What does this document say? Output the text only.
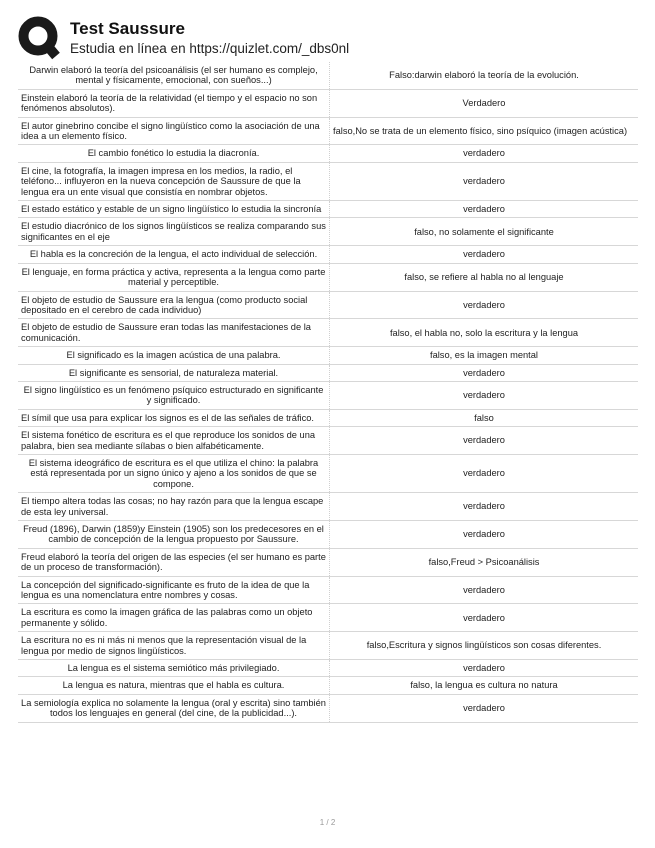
Test Saussure
Estudia en línea en https://quizlet.com/_dbs0nl
Darwin elaboró la teoría del psicoanálisis (el ser humano es complejo, mental y físicamente, emocional, con sueños...)	Falso:darwin elaboró la teoría de la evolución.
Einstein elaboró la teoría de la relatividad (el tiempo y el espacio no son fenómenos absolutos).	Verdadero
El autor ginebrino concibe el signo lingüístico como la asociación de una idea a un elemento físico.	falso,No se trata de un elemento físico, sino psíquico (imagen acústica)
El cambio fonético lo estudia la diacronía.	verdadero
El cine, la fotografía, la imagen impresa en los medios, la radio, el teléfono... influyeron en la nueva concepción de Saussure de que la lengua era un ente visual que consistía en nombrar objetos.	verdadero
El estado estático y estable de un signo lingüístico lo estudia la sincronía	verdadero
El estudio diacrónico de los signos lingüísticos se realiza comparando sus significantes en el eje	falso, no solamente el significante
El habla es la concreción de la lengua, el acto individual de selección.	verdadero
El lenguaje, en forma práctica y activa, representa a la lengua como parte material y perceptible.	falso, se refiere al habla no al lenguaje
El objeto de estudio de Saussure era la lengua (como producto social depositado en el cerebro de cada individuo)	verdadero
El objeto de estudio de Saussure eran todas las manifestaciones de la comunicación.	falso, el habla no, solo la escritura y la lengua
El significado es la imagen acústica de una palabra.	falso, es la imagen mental
El significante es sensorial, de naturaleza material.	verdadero
El signo lingüístico es un fenómeno psíquico estructurado en significante y significado.	verdadero
El símil que usa para explicar los signos es el de las señales de tráfico.	falso
El sistema fonético de escritura es el que reproduce los sonidos de una palabra, bien sea mediante sílabas o bien alfabéticamente.	verdadero
El sistema ideográfico de escritura es el que utiliza el chino: la palabra está representada por un signo único y ajeno a los sonidos de que se compone.	verdadero
El tiempo altera todas las cosas; no hay razón para que la lengua escape de esta ley universal.	verdadero
Freud (1896), Darwin (1859)y Einstein (1905) son los predecesores en el cambio de concepción de la lengua propuesto por Saussure.	verdadero
Freud elaboró la teoría del origen de las especies (el ser humano es parte de un proceso de transformación).	falso,Freud > Psicoanálisis
La concepción del significado-significante es fruto de la idea de que la lengua es una nomenclatura entre nombres y cosas.	verdadero
La escritura es como la imagen gráfica de las palabras como un objeto permanente y sólido.	verdadero
La escritura no es ni más ni menos que la representación visual de la lengua por medio de signos lingüísticos.	falso,Escritura y signos lingüísticos son cosas diferentes.
La lengua es el sistema semiótico más privilegiado.	verdadero
La lengua es natura, mientras que el habla es cultura.	falso, la lengua es cultura no natura
La semiología explica no solamente la lengua (oral y escrita) sino también todos los lenguajes en general (del cine, de la publicidad...).	verdadero
1 / 2
